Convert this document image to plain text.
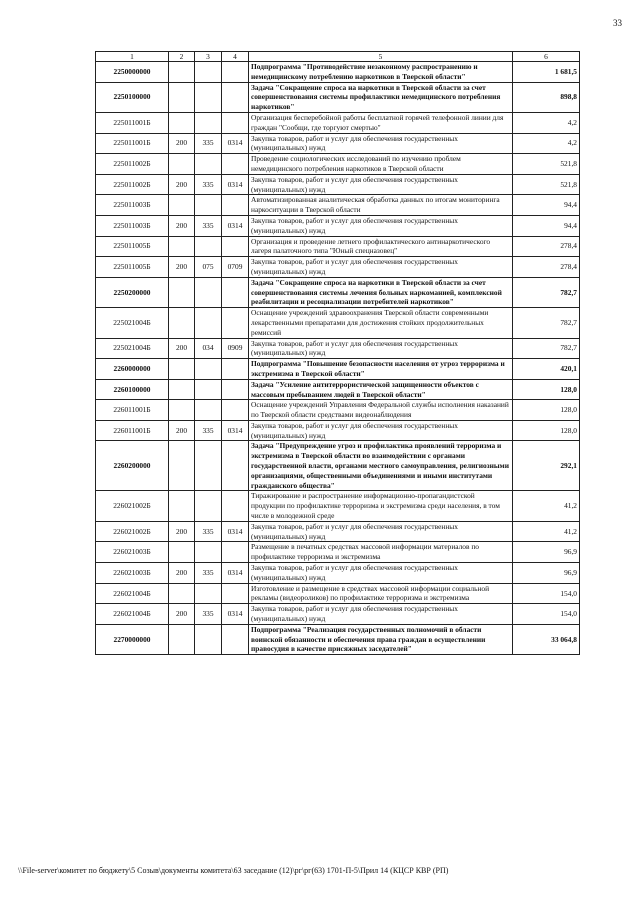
33
1	2	3	4	5	6
2250000000				Подпрограмма "Противодействие незаконному распространению и немедицинскому потреблению наркотиков в Тверской области"	1 681,5
2250100000				Задача "Сокращение спроса на наркотики в Тверской области за счет совершенствования системы профилактики немедицинского потребления наркотиков"	898,8
225011001Б				Организация бесперебойной работы бесплатной горячей телефонной линии для граждан "Сообщи, где торгуют смертью"	4,2
225011001Б	200	335	0314	Закупка товаров, работ и услуг для обеспечения государственных (муниципальных) нужд	4,2
225011002Б				Проведение социологических исследований по изучению проблем немедицинского потребления наркотиков в Тверской области	521,8
225011002Б	200	335	0314	Закупка товаров, работ и услуг для обеспечения государственных (муниципальных) нужд	521,8
225011003Б				Автоматизированная аналитическая обработка данных по итогам мониторинга наркоситуации в Тверской области	94,4
225011003Б	200	335	0314	Закупка товаров, работ и услуг для обеспечения государственных (муниципальных) нужд	94,4
225011005Б				Организация и проведение летнего профилактического антинаркотического лагеря палаточного типа "Юный спецназовец"	278,4
225011005Б	200	075	0709	Закупка товаров, работ и услуг для обеспечения государственных (муниципальных) нужд	278,4
2250200000				Задача "Сокращение спроса на наркотики в Тверской области за счет совершенствования системы лечения больных наркоманией, комплексной реабилитации и ресоциализации потребителей наркотиков"	782,7
225021004Б				Оснащение учреждений здравоохранения Тверской области современными лекарственными препаратами для достижения стойких продолжительных ремиссий	782,7
225021004Б	200	034	0909	Закупка товаров, работ и услуг для обеспечения государственных (муниципальных) нужд	782,7
2260000000				Подпрограмма "Повышение безопасности населения от угроз терроризма и экстремизма в Тверской области"	420,1
2260100000				Задача "Усиление антитеррористической защищенности объектов с массовым пребыванием людей в Тверской области"	128,0
226011001Б				Оснащение учреждений Управления Федеральной службы исполнения наказаний по Тверской области средствами видеонаблюдения	128,0
226011001Б	200	335	0314	Закупка товаров, работ и услуг для обеспечения государственных (муниципальных) нужд	128,0
2260200000				Задача "Предупреждение угроз и профилактика проявлений терроризма и экстремизма в Тверской области во взаимодействии с органами государственной власти, органами местного самоуправления, религиозными организациями, общественными объединениями и иными институтами гражданского общества"	292,1
226021002Б				Тиражирование и распространение информационно-пропагандистской продукции по профилактике терроризма и экстремизма среди населения, в том числе в молодежной среде	41,2
226021002Б	200	335	0314	Закупка товаров, работ и услуг для обеспечения государственных (муниципальных) нужд	41,2
226021003Б				Размещение в печатных средствах массовой информации материалов по профилактике терроризма и экстремизма	96,9
226021003Б	200	335	0314	Закупка товаров, работ и услуг для обеспечения государственных (муниципальных) нужд	96,9
226021004Б				Изготовление и размещение в средствах массовой информации социальной рекламы (видеороликов) по профилактике терроризма и экстремизма	154,0
226021004Б	200	335	0314	Закупка товаров, работ и услуг для обеспечения государственных (муниципальных) нужд	154,0
2270000000				Подпрограмма "Реализация государственных полномочий в области воинской обязанности и обеспечения права граждан в осуществлении правосудия в качестве присяжных заседателей"	33 064,8
\\File-server\комитет по бюджету\5 Созыв\документы комитета\63 заседание (12)\рг\рг(63) 1701-П-5\Прил 14 (КЦСР КВР (РП)
